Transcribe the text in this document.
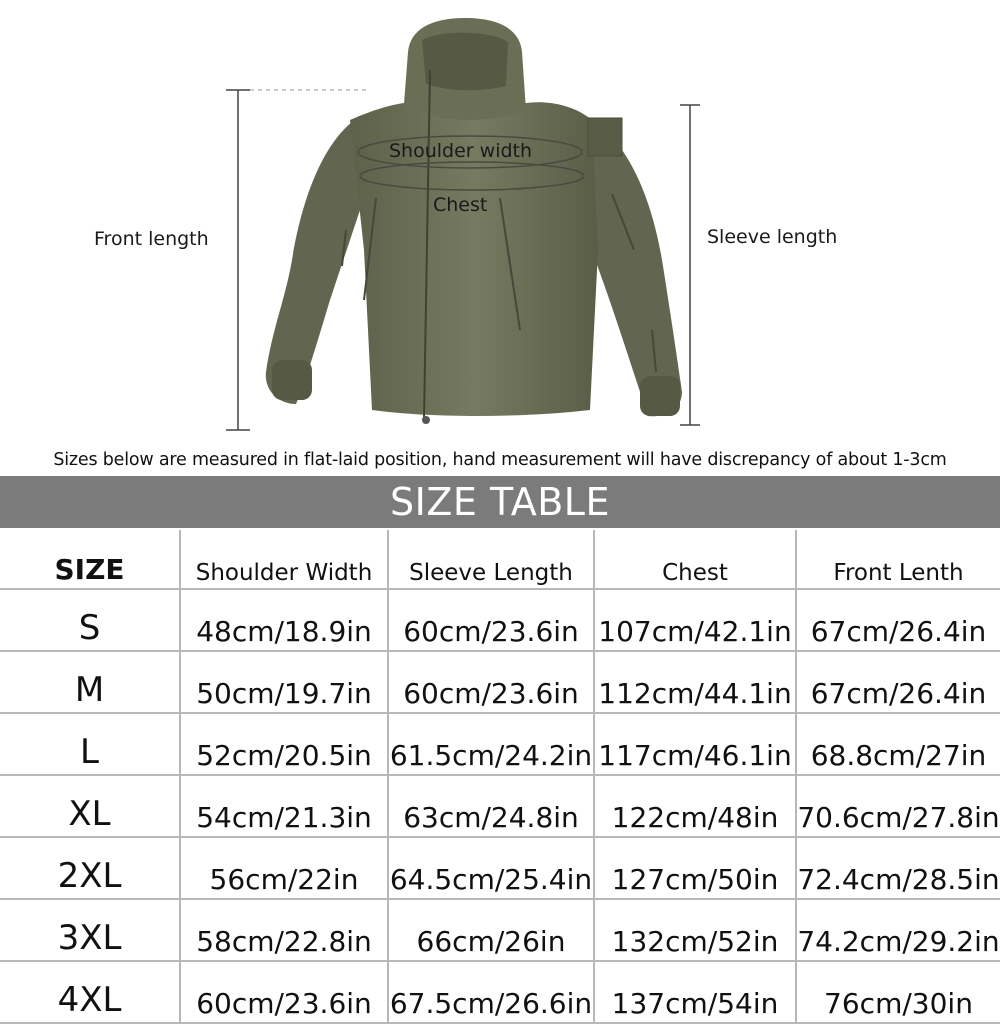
Shoulder width
Chest
Front length	Sleeve length
Sizes below are measured in flat-laid position, hand measurement will have discrepancy of about 1-3cm
SIZE TABLE
SIZE	Shoulder Width	Sleeve Length	Chest	Front Lenth
S	48cm/18.9in	60cm/23.6in	107cm/42.1in	67cm/26.4in
M	50cm/19.7in	60cm/23.6in	112cm/44.1in	67cm/26.4in
L	52cm/20.5in	61.5cm/24.2in	117cm/46.1in	68.8cm/27in
XL	54cm/21.3in	63cm/24.8in	122cm/48in	70.6cm/27.8in
2XL	56cm/22in	64.5cm/25.4in	127cm/50in	72.4cm/28.5in
3XL	58cm/22.8in	66cm/26in	132cm/52in	74.2cm/29.2in
4XL	60cm/23.6in	67.5cm/26.6in	137cm/54in	76cm/30in
